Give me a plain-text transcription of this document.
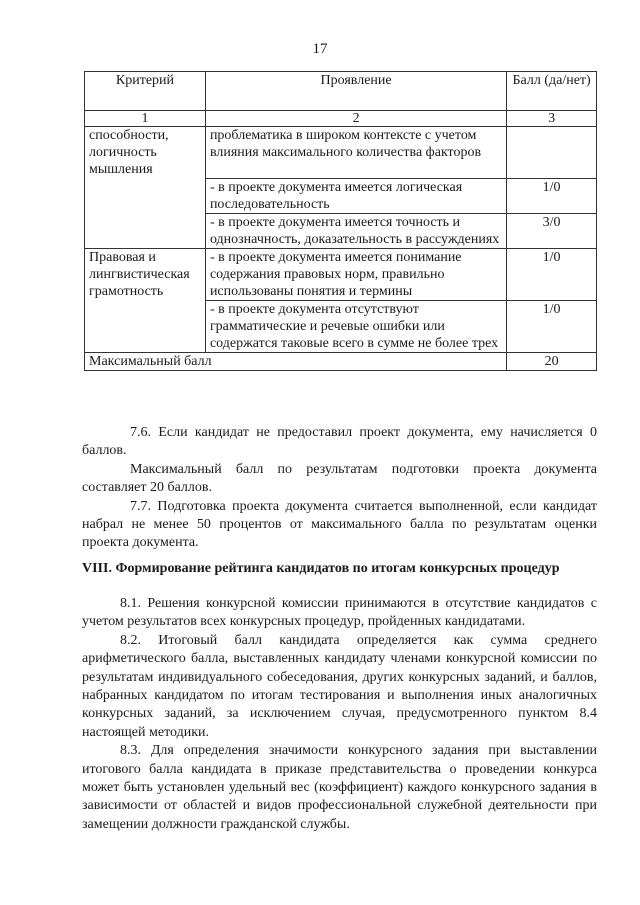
17
Критерий	Проявление	Балл (да/нет)
1	2	3
способности, логичность мышления	проблематика в широком контексте с учетом влияния максимального количества факторов	
	- в проекте документа имеется логическая последовательность	1/0
	- в проекте документа имеется точность и однозначность, доказательность в рассуждениях	3/0
Правовая и лингвистическая грамотность	- в проекте документа имеется понимание содержания правовых норм, правильно использованы понятия и термины	1/0
	- в проекте документа отсутствуют грамматические и речевые ошибки или содержатся таковые всего в сумме не более трех	1/0
Максимальный балл		20

7.6. Если кандидат не предоставил проект документа, ему начисляется 0 баллов.

Максимальный балл по результатам подготовки проекта документа составляет 20 баллов.

7.7. Подготовка проекта документа считается выполненной, если кандидат набрал не менее 50 процентов от максимального балла по результатам оценки проекта документа.

VIII. Формирование рейтинга кандидатов по итогам конкурсных процедур

8.1. Решения конкурсной комиссии принимаются в отсутствие кандидатов с учетом результатов всех конкурсных процедур, пройденных кандидатами.

8.2. Итоговый балл кандидата определяется как сумма среднего арифметического балла, выставленных кандидату членами конкурсной комиссии по результатам индивидуального собеседования, других конкурсных заданий, и баллов, набранных кандидатом по итогам тестирования и выполнения иных аналогичных конкурсных заданий, за исключением случая, предусмотренного пунктом 8.4 настоящей методики.

8.3. Для определения значимости конкурсного задания при выставлении итогового балла кандидата в приказе представительства о проведении конкурса может быть установлен удельный вес (коэффициент) каждого конкурсного задания в зависимости от областей и видов профессиональной служебной деятельности при замещении должности гражданской службы.
